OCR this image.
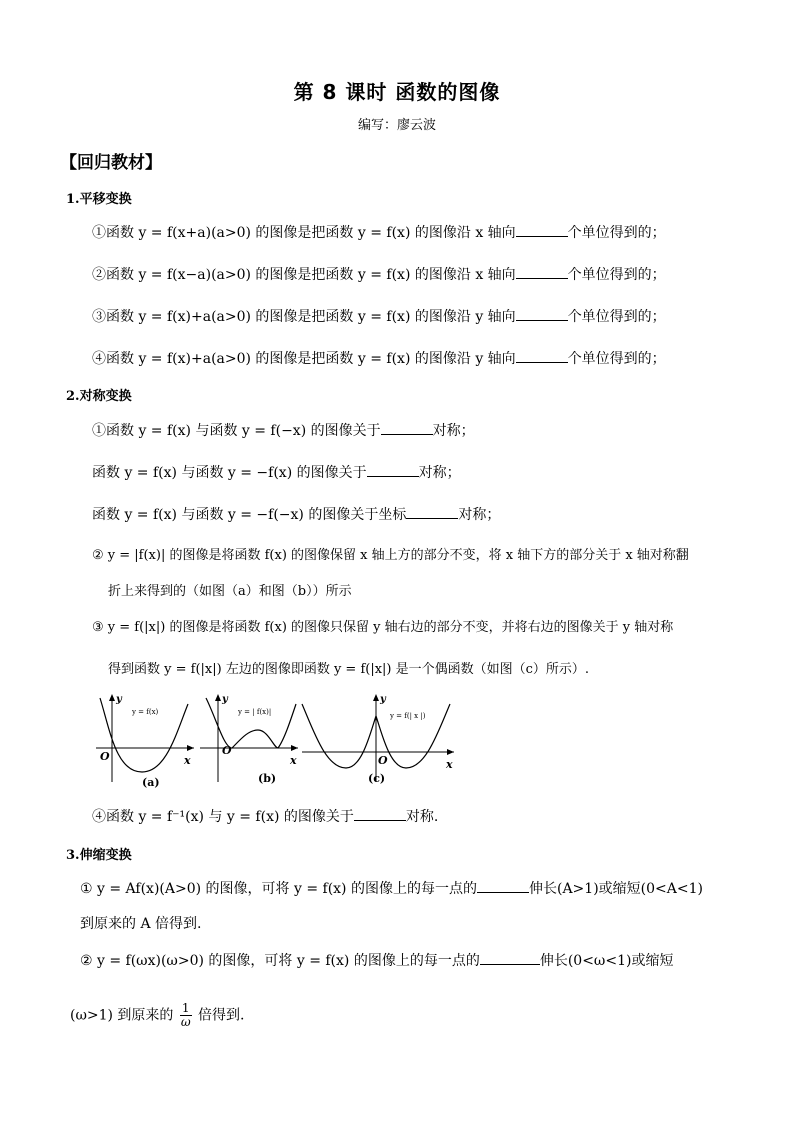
第 8 课时 函数的图像
编写：廖云波
【回归教材】
1.平移变换
①函数 y = f(x+a)(a>0) 的图像是把函数 y = f(x) 的图像沿 x 轴向	个单位得到的；
②函数 y = f(x−a)(a>0) 的图像是把函数 y = f(x) 的图像沿 x 轴向	个单位得到的；
③函数 y = f(x)+a(a>0) 的图像是把函数 y = f(x) 的图像沿 y 轴向	个单位得到的；
④函数 y = f(x)+a(a>0) 的图像是把函数 y = f(x) 的图像沿 y 轴向	个单位得到的；
2.对称变换
①函数 y = f(x) 与函数 y = f(−x) 的图像关于	对称；
函数 y = f(x) 与函数 y = −f(x) 的图像关于	对称；
函数 y = f(x) 与函数 y = −f(−x) 的图像关于坐标	对称；
② y = |f(x)| 的图像是将函数 f(x) 的图像保留 x 轴上方的部分不变，将 x 轴下方的部分关于 x 轴对称翻
折上来得到的（如图（a）和图（b））所示
③ y = f(|x|) 的图像是将函数 f(x) 的图像只保留 y 轴右边的部分不变，并将右边的图像关于 y 轴对称
得到函数 y = f(|x|) 左边的图像即函数 y = f(|x|) 是一个偶函数（如图（c）所示）.
y
y = f(x)
O	x
(a)
y
y = | f(x)|
O
x
(b)
y
y = f(| x |)
O	x
(c)
④函数 y = f⁻¹(x) 与 y = f(x) 的图像关于	对称.
3.伸缩变换
① y = Af(x)(A>0) 的图像，可将 y = f(x) 的图像上的每一点的	伸长(A>1)或缩短(0<A<1)
到原来的 A 倍得到.
② y = f(ωx)(ω>0) 的图像，可将 y = f(x) 的图像上的每一点的	伸长(0<ω<1)或缩短
(ω>1) 到原来的 $\frac{1}{\omega}$ 倍得到.
